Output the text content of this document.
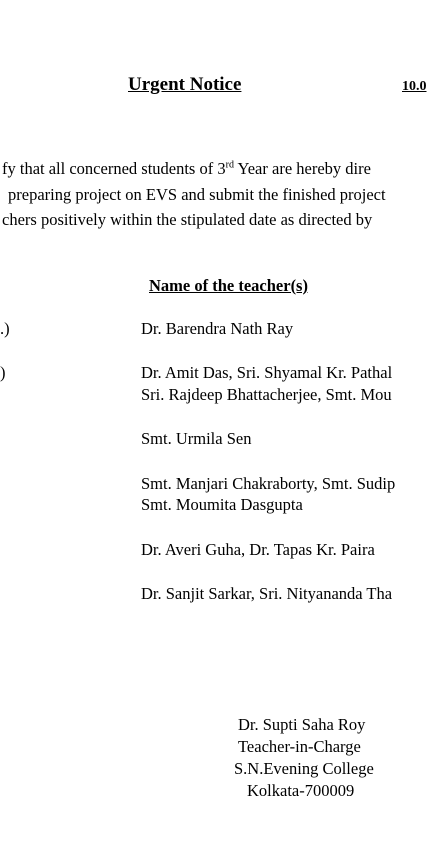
Urgent Notice	10.0
fy that all concerned students of 3rd Year are hereby dire
preparing project on EVS and submit the finished project
chers positively within the stipulated date as directed by
Name of the teacher(s)
.)	Dr. Barendra Nath Ray
)	Dr. Amit Das, Sri. Shyamal Kr. Pathal
Sri. Rajdeep Bhattacherjee, Smt. Mou
Smt. Urmila Sen
Smt. Manjari Chakraborty, Smt. Sudip
Smt. Moumita Dasgupta
Dr. Averi Guha, Dr. Tapas Kr. Paira
Dr. Sanjit Sarkar, Sri. Nityananda Tha
Dr. Supti Saha Roy
Teacher-in-Charge
S.N.Evening College
Kolkata-700009
